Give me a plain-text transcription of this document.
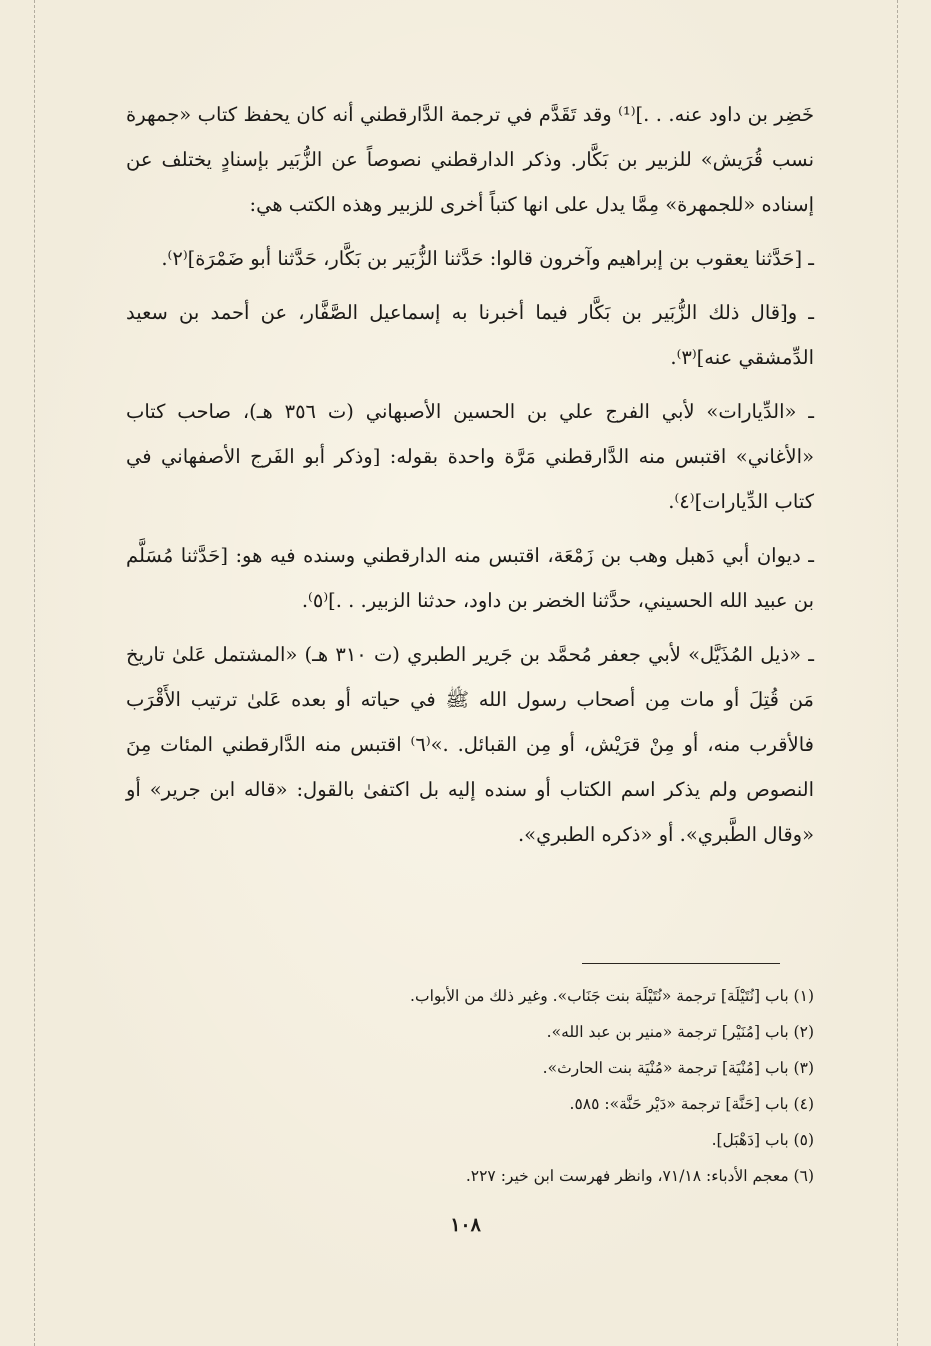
خَضِر بن داود عنه. . .]⁽¹⁾ وقد تَقَدَّم في ترجمة الدَّارقطني أنه كان يحفظ كتاب «جمهرة نسب قُرَيش» للزبير بن بَكَّار. وذكر الدارقطني نصوصاً عن الزُّبَير بإسنادٍ يختلف عن إسناده «للجمهرة» مِمَّا يدل على انها كتباً أخرى للزبير وهذه الكتب هي:

ـ [حَدَّثنا يعقوب بن إبراهيم وآخرون قالوا: حَدَّثنا الزُّبَير بن بَكَّار، حَدَّثنا أبو ضَمْرَة]⁽٢⁾.

ـ و[قال ذلك الزُّبَير بن بَكَّار فيما أخبرنا به إسماعيل الصَّفَّار، عن أحمد بن سعيد الدِّمشقي عنه]⁽٣⁾.

ـ «الدِّيارات» لأبي الفرج علي بن الحسين الأصبهاني (ت ٣٥٦ هـ)، صاحب كتاب «الأغاني» اقتبس منه الدَّارقطني مَرَّة واحدة بقوله: [وذكر أبو الفَرج الأصفهاني في كتاب الدِّيارات]⁽٤⁾.

ـ ديوان أبي دَهبل وهب بن زَمْعَة، اقتبس منه الدارقطني وسنده فيه هو: [حَدَّثنا مُسَلَّم بن عبيد الله الحسيني، حدَّثنا الخضر بن داود، حدثنا الزبير. . .]⁽٥⁾.

ـ «ذيل المُذَيَّل» لأبي جعفر مُحمَّد بن جَرير الطبري (ت ٣١٠ هـ) «المشتمل عَلىٰ تاريخ مَن قُتِلَ أو مات مِن أصحاب رسول الله ﷺ في حياته أو بعده عَلىٰ ترتيب الأَقْرَب فالأقرب منه، أو مِنْ قرَيْش، أو مِن القبائل. .»⁽٦⁾ اقتبس منه الدَّارقطني المئات مِنَ النصوص ولم يذكر اسم الكتاب أو سنده إليه بل اكتفىٰ بالقول: «قاله ابن جرير» أو «وقال الطَّبري». أو «ذكره الطبري».

(١) باب [نُتَيْلَة] ترجمة «نُتَيْلَة بنت جَنَاب». وغير ذلك من الأبواب.
(٢) باب [مُنَيْر] ترجمة «منير بن عبد الله».
(٣) باب [مُنْيَة] ترجمة «مُنْيَة بنت الحارث».
(٤) باب [حَنَّة] ترجمة «دَيْر حَنَّة»: ٥٨٥.
(٥) باب [دَهْبَل].
(٦) معجم الأدباء: ٧١/١٨، وانظر فهرست ابن خير: ٢٢٧.
١٠٨
